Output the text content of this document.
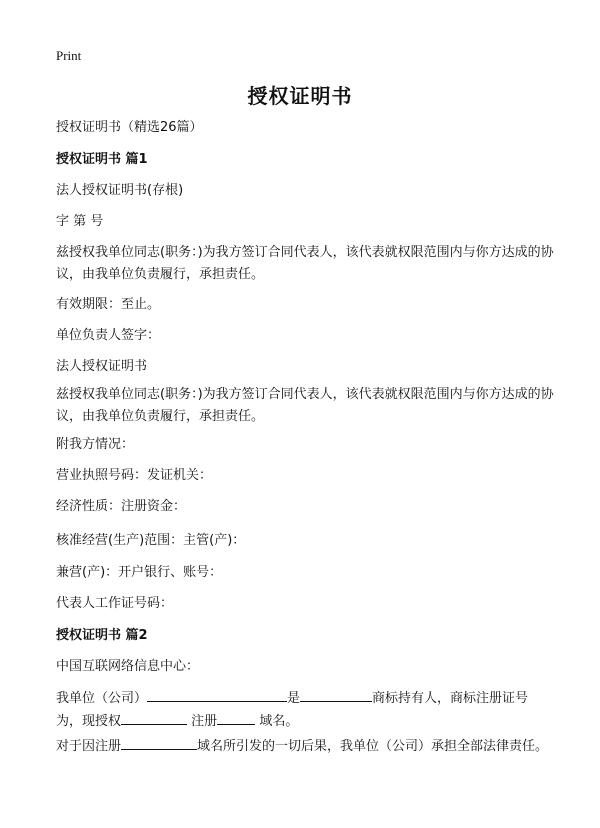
Print
授权证明书
授权证明书（精选26篇）
授权证明书 篇1
法人授权证明书(存根)
字 第 号
兹授权我单位同志(职务：)为我方签订合同代表人，该代表就权限范围内与你方达成的协议，由我单位负责履行，承担责任。
有效期限：至止。
单位负责人签字：
法人授权证明书
兹授权我单位同志(职务：)为我方签订合同代表人，该代表就权限范围内与你方达成的协议，由我单位负责履行，承担责任。
附我方情况：
营业执照号码：发证机关：
经济性质：注册资金：
核准经营(生产)范围：主管(产)：
兼营(产)：开户银行、账号：
代表人工作证号码：
授权证明书 篇2
中国互联网络信息中心：
我单位（公司）	是	商标持有人，商标注册证号
为，现授权	注册	域名。
对于因注册	域名所引发的一切后果，我单位（公司）承担全部法律责任。
